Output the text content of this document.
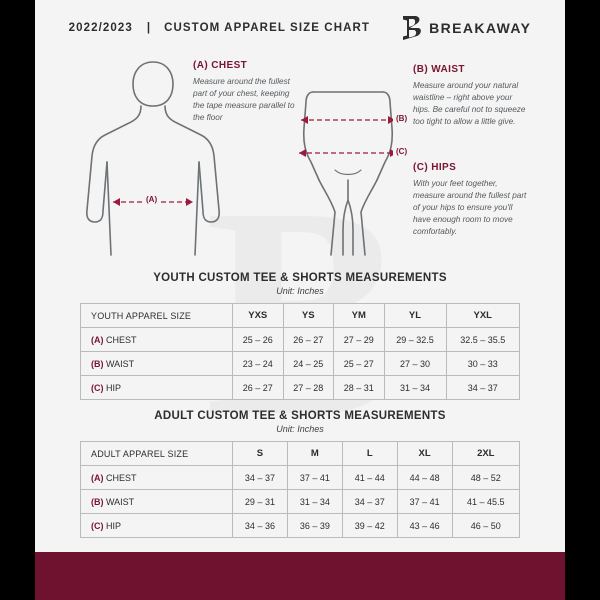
2022/2023 | CUSTOM APPAREL SIZE CHART	BREAKAWAY
(A)
(B)
(C)
(A) CHEST
Measure around the fullest part of your chest, keeping the tape measure parallel to the floor
(B) WAIST
Measure around your natural waistline – right above your hips. Be careful not to squeeze too tight to allow a little give.
(C) HIPS
With your feet together, measure around the fullest part of your hips to ensure you'll have enough room to move comfortably.
YOUTH CUSTOM TEE & SHORTS MEASUREMENTS
Unit: Inches
YOUTH APPAREL SIZE	YXS	YS	YM	YL	YXL
(A) CHEST	25 – 26	26 – 27	27 – 29	29 – 32.5	32.5 – 35.5
(B) WAIST	23 – 24	24 – 25	25 – 27	27 – 30	30 – 33
(C) HIP	26 – 27	27 – 28	28 – 31	31 – 34	34 – 37
ADULT CUSTOM TEE & SHORTS MEASUREMENTS
Unit: Inches
ADULT APPAREL SIZE	S	M	L	XL	2XL
(A) CHEST	34 – 37	37 – 41	41 – 44	44 – 48	48 – 52
(B) WAIST	29 – 31	31 – 34	34 – 37	37 – 41	41 – 45.5
(C) HIP	34 – 36	36 – 39	39 – 42	43 – 46	46 – 50
